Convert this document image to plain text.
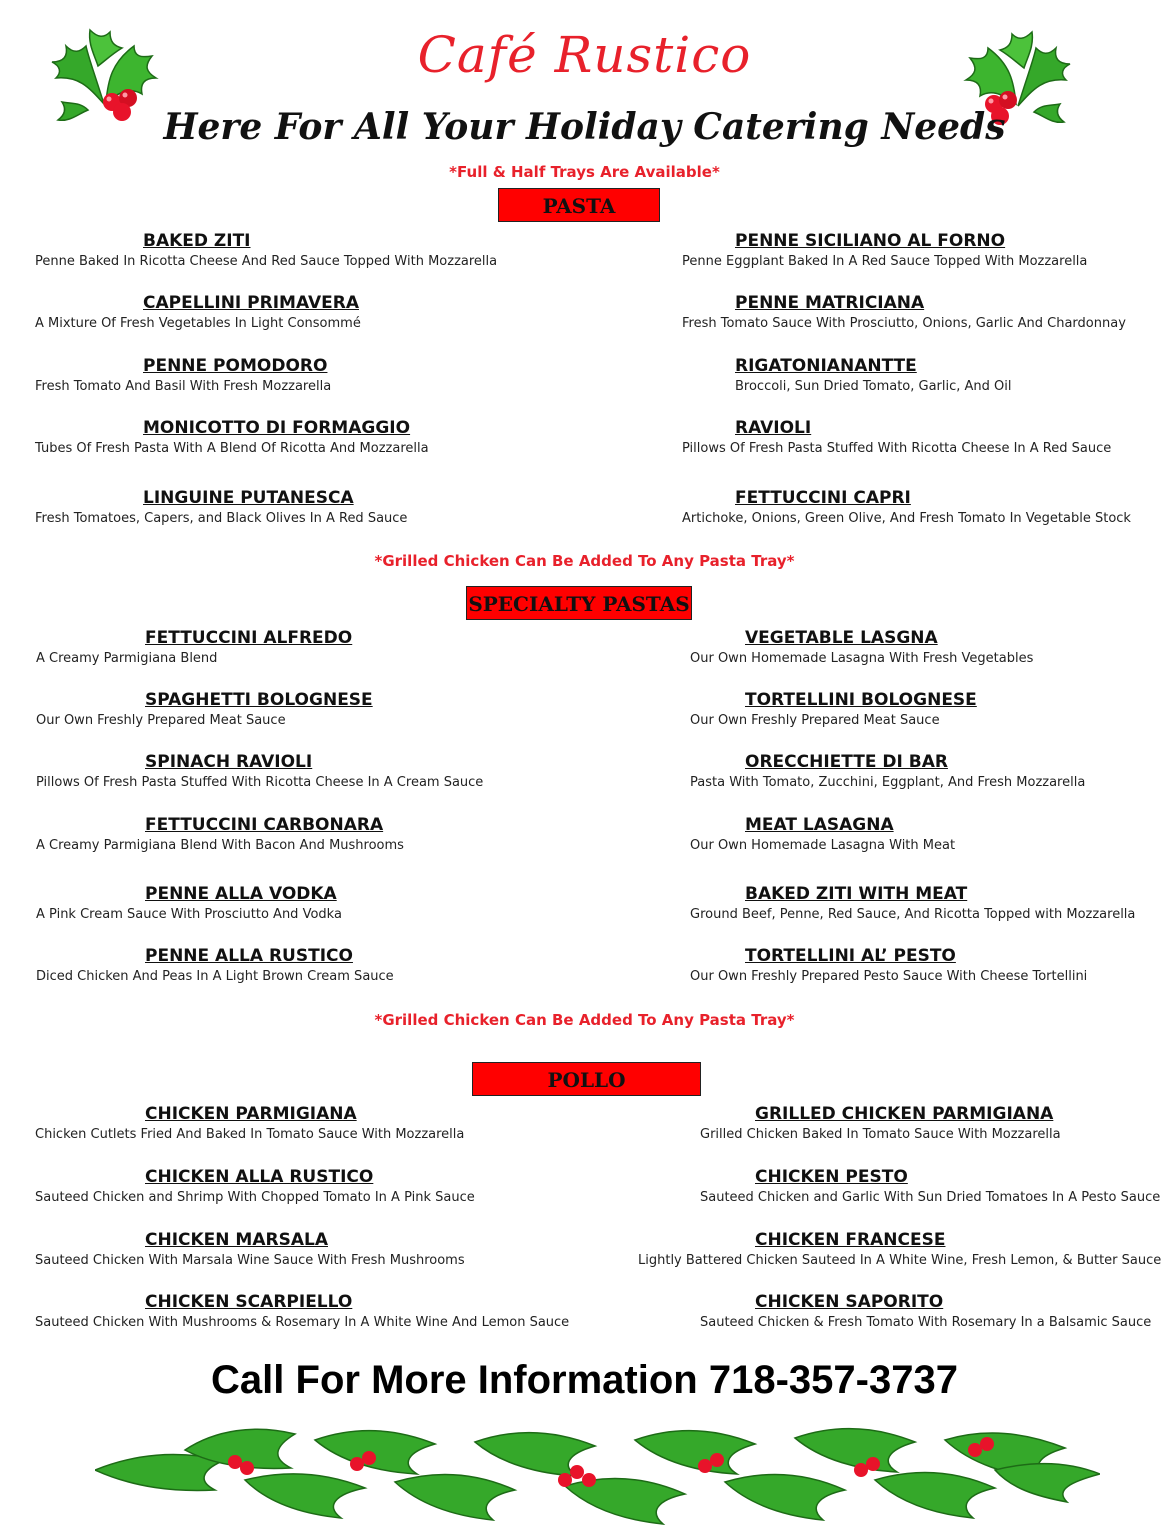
Café Rustico
Here For All Your Holiday Catering Needs
*Full & Half Trays Are Available*
PASTA
BAKED ZITI
Penne Baked In Ricotta Cheese And Red Sauce Topped With Mozzarella
CAPELLINI PRIMAVERA
A Mixture Of Fresh Vegetables In Light Consommé
PENNE POMODORO
Fresh Tomato And Basil With Fresh Mozzarella
MONICOTTO DI FORMAGGIO
Tubes Of Fresh Pasta With A Blend Of Ricotta And Mozzarella
LINGUINE PUTANESCA
Fresh Tomatoes, Capers, and Black Olives In A Red Sauce
PENNE SICILIANO AL FORNO
Penne Eggplant Baked In A Red Sauce Topped With Mozzarella
PENNE MATRICIANA
Fresh Tomato Sauce With Prosciutto, Onions, Garlic And Chardonnay
RIGATONIANANTTE
Broccoli, Sun Dried Tomato, Garlic, And Oil
RAVIOLI
Pillows Of Fresh Pasta Stuffed With Ricotta Cheese In A Red Sauce
FETTUCCINI CAPRI
Artichoke, Onions, Green Olive, And Fresh Tomato In Vegetable Stock
*Grilled Chicken Can Be Added To Any Pasta Tray*
SPECIALTY PASTAS
FETTUCCINI ALFREDO
A Creamy Parmigiana Blend
SPAGHETTI BOLOGNESE
Our Own Freshly Prepared Meat Sauce
SPINACH RAVIOLI
Pillows Of Fresh Pasta Stuffed With Ricotta Cheese In A Cream Sauce
FETTUCCINI CARBONARA
A Creamy Parmigiana Blend With Bacon And Mushrooms
PENNE ALLA VODKA
A Pink Cream Sauce With Prosciutto And Vodka
PENNE ALLA RUSTICO
Diced Chicken And Peas In A Light Brown Cream Sauce
VEGETABLE LASGNA
Our Own Homemade Lasagna With Fresh Vegetables
TORTELLINI BOLOGNESE
Our Own Freshly Prepared Meat Sauce
ORECCHIETTE DI BAR
Pasta With Tomato, Zucchini, Eggplant, And Fresh Mozzarella
MEAT LASAGNA
Our Own Homemade Lasagna With Meat
BAKED ZITI WITH MEAT
Ground Beef, Penne, Red Sauce, And Ricotta Topped with Mozzarella
TORTELLINI AL’ PESTO
Our Own Freshly Prepared Pesto Sauce With Cheese Tortellini
*Grilled Chicken Can Be Added To Any Pasta Tray*
POLLO
CHICKEN PARMIGIANA
Chicken Cutlets Fried And Baked In Tomato Sauce With Mozzarella
CHICKEN ALLA RUSTICO
Sauteed Chicken and Shrimp With Chopped Tomato In A Pink Sauce
CHICKEN MARSALA
Sauteed Chicken With Marsala Wine Sauce With Fresh Mushrooms
CHICKEN SCARPIELLO
Sauteed Chicken With Mushrooms & Rosemary In A White Wine And Lemon Sauce
GRILLED CHICKEN PARMIGIANA
Grilled Chicken Baked In Tomato Sauce With Mozzarella
CHICKEN PESTO
Sauteed Chicken and Garlic With Sun Dried Tomatoes In A Pesto Sauce
CHICKEN FRANCESE
Lightly Battered Chicken Sauteed In A White Wine, Fresh Lemon, & Butter Sauce
CHICKEN SAPORITO
Sauteed Chicken & Fresh Tomato With Rosemary In a Balsamic Sauce
Call For More Information 718-357-3737
